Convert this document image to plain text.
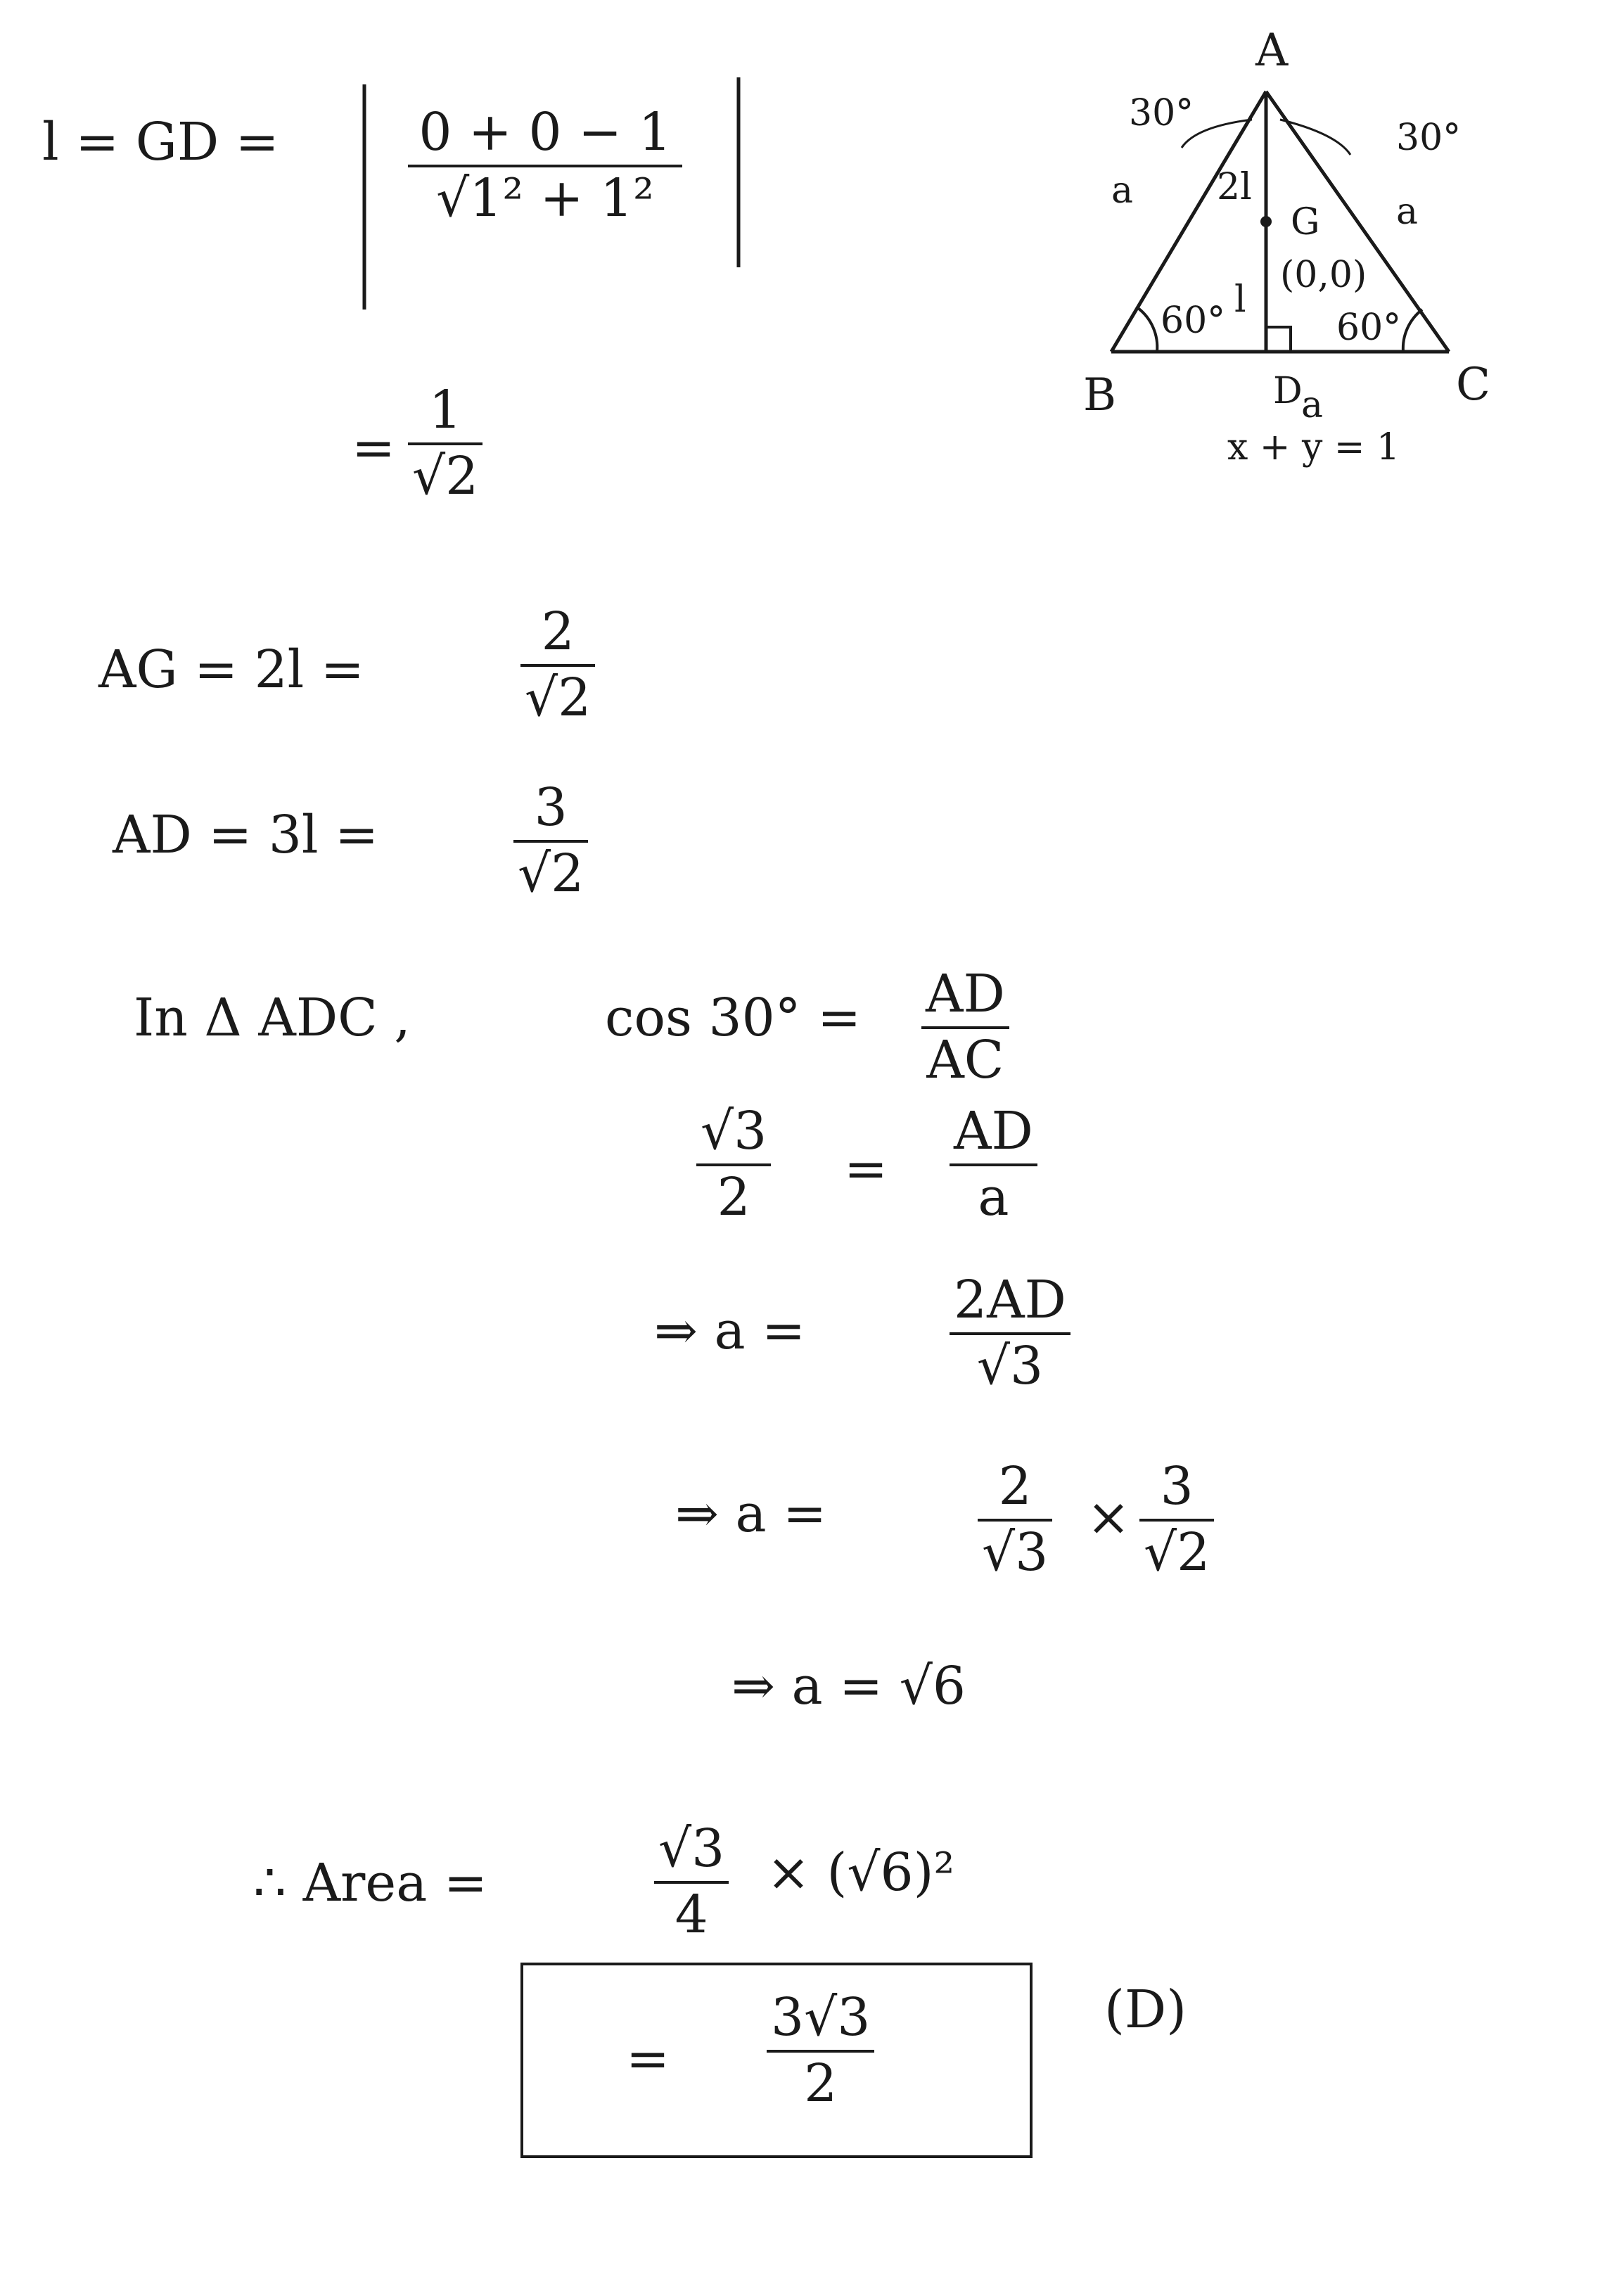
l = GD =	0 + 0 − 1
√1² + 1²
=
1
√2
AG = 2l =
2
√2
AD = 3l =	3
√2
In Δ ADC ,	cos 30° = AD
AC
√3
2 =
AD
a
⇒ a =
2AD
√3
⇒ a =	2
√3
×
3
√2
⇒ a = √6
∴ Area =
√3
4
× (√6)²
=
3√3
2
(D)
A
B	C
D
G
(0,0)
30°
30°
60°	60°
a	a
a
2l
l
x + y = 1
